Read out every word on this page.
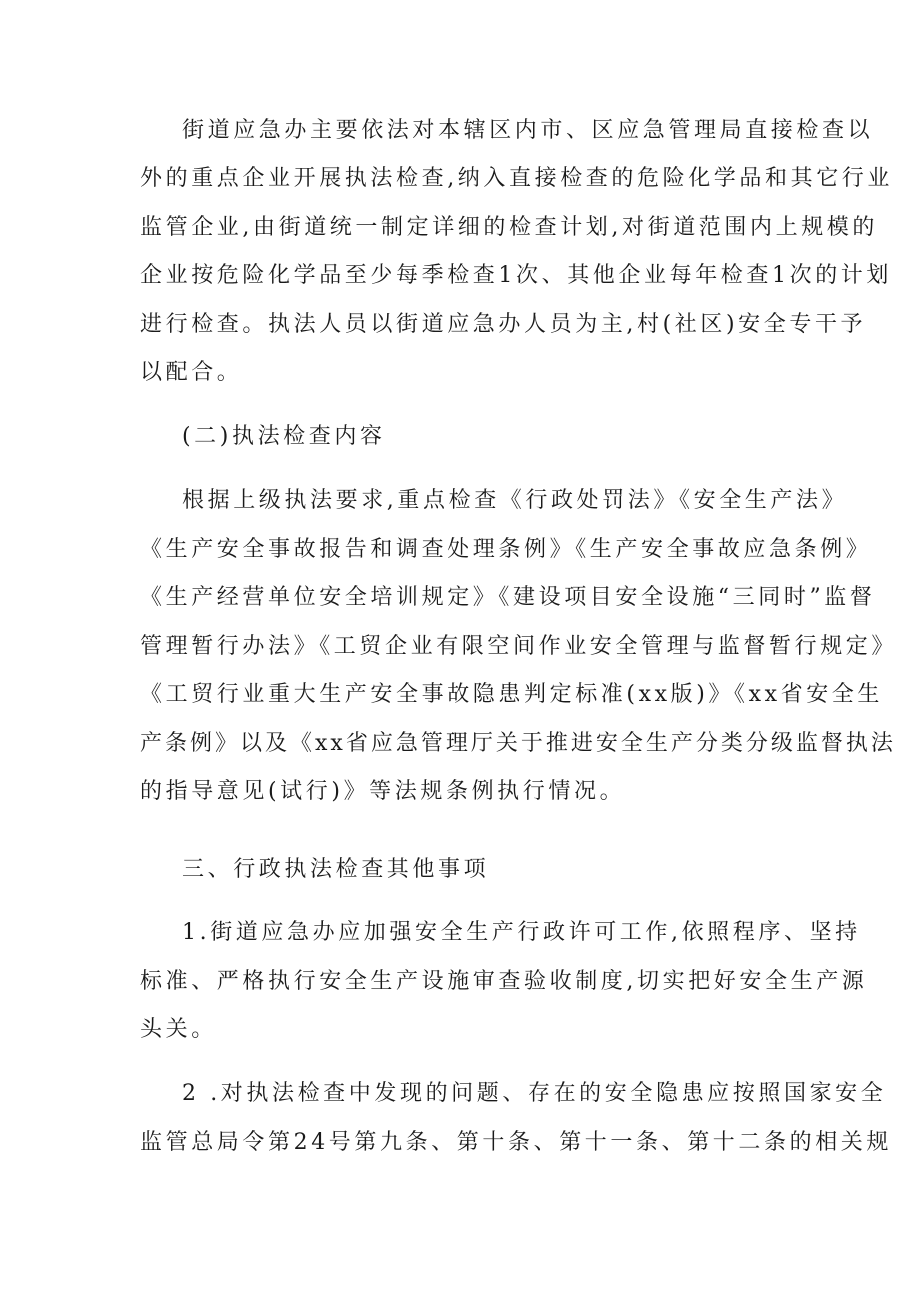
街道应急办主要依法对本辖区内市、区应急管理局直接检查以
外的重点企业开展执法检查,纳入直接检查的危险化学品和其它行业
监管企业,由街道统一制定详细的检查计划,对街道范围内上规模的
企业按危险化学品至少每季检查1次、其他企业每年检查1次的计划
进行检查。执法人员以街道应急办人员为主,村(社区)安全专干予
以配合。
(二)执法检查内容
根据上级执法要求,重点检查《行政处罚法》《安全生产法》
《生产安全事故报告和调查处理条例》《生产安全事故应急条例》
《生产经营单位安全培训规定》《建设项目安全设施“三同时”监督
管理暂行办法》《工贸企业有限空间作业安全管理与监督暂行规定》
《工贸行业重大生产安全事故隐患判定标准(xx版)》《xx省安全生
产条例》以及《xx省应急管理厅关于推进安全生产分类分级监督执法
的指导意见(试行)》等法规条例执行情况。
三、行政执法检查其他事项
1.街道应急办应加强安全生产行政许可工作,依照程序、坚持
标准、严格执行安全生产设施审查验收制度,切实把好安全生产源
头关。
2 .对执法检查中发现的问题、存在的安全隐患应按照国家安全
监管总局令第24号第九条、第十条、第十一条、第十二条的相关规
